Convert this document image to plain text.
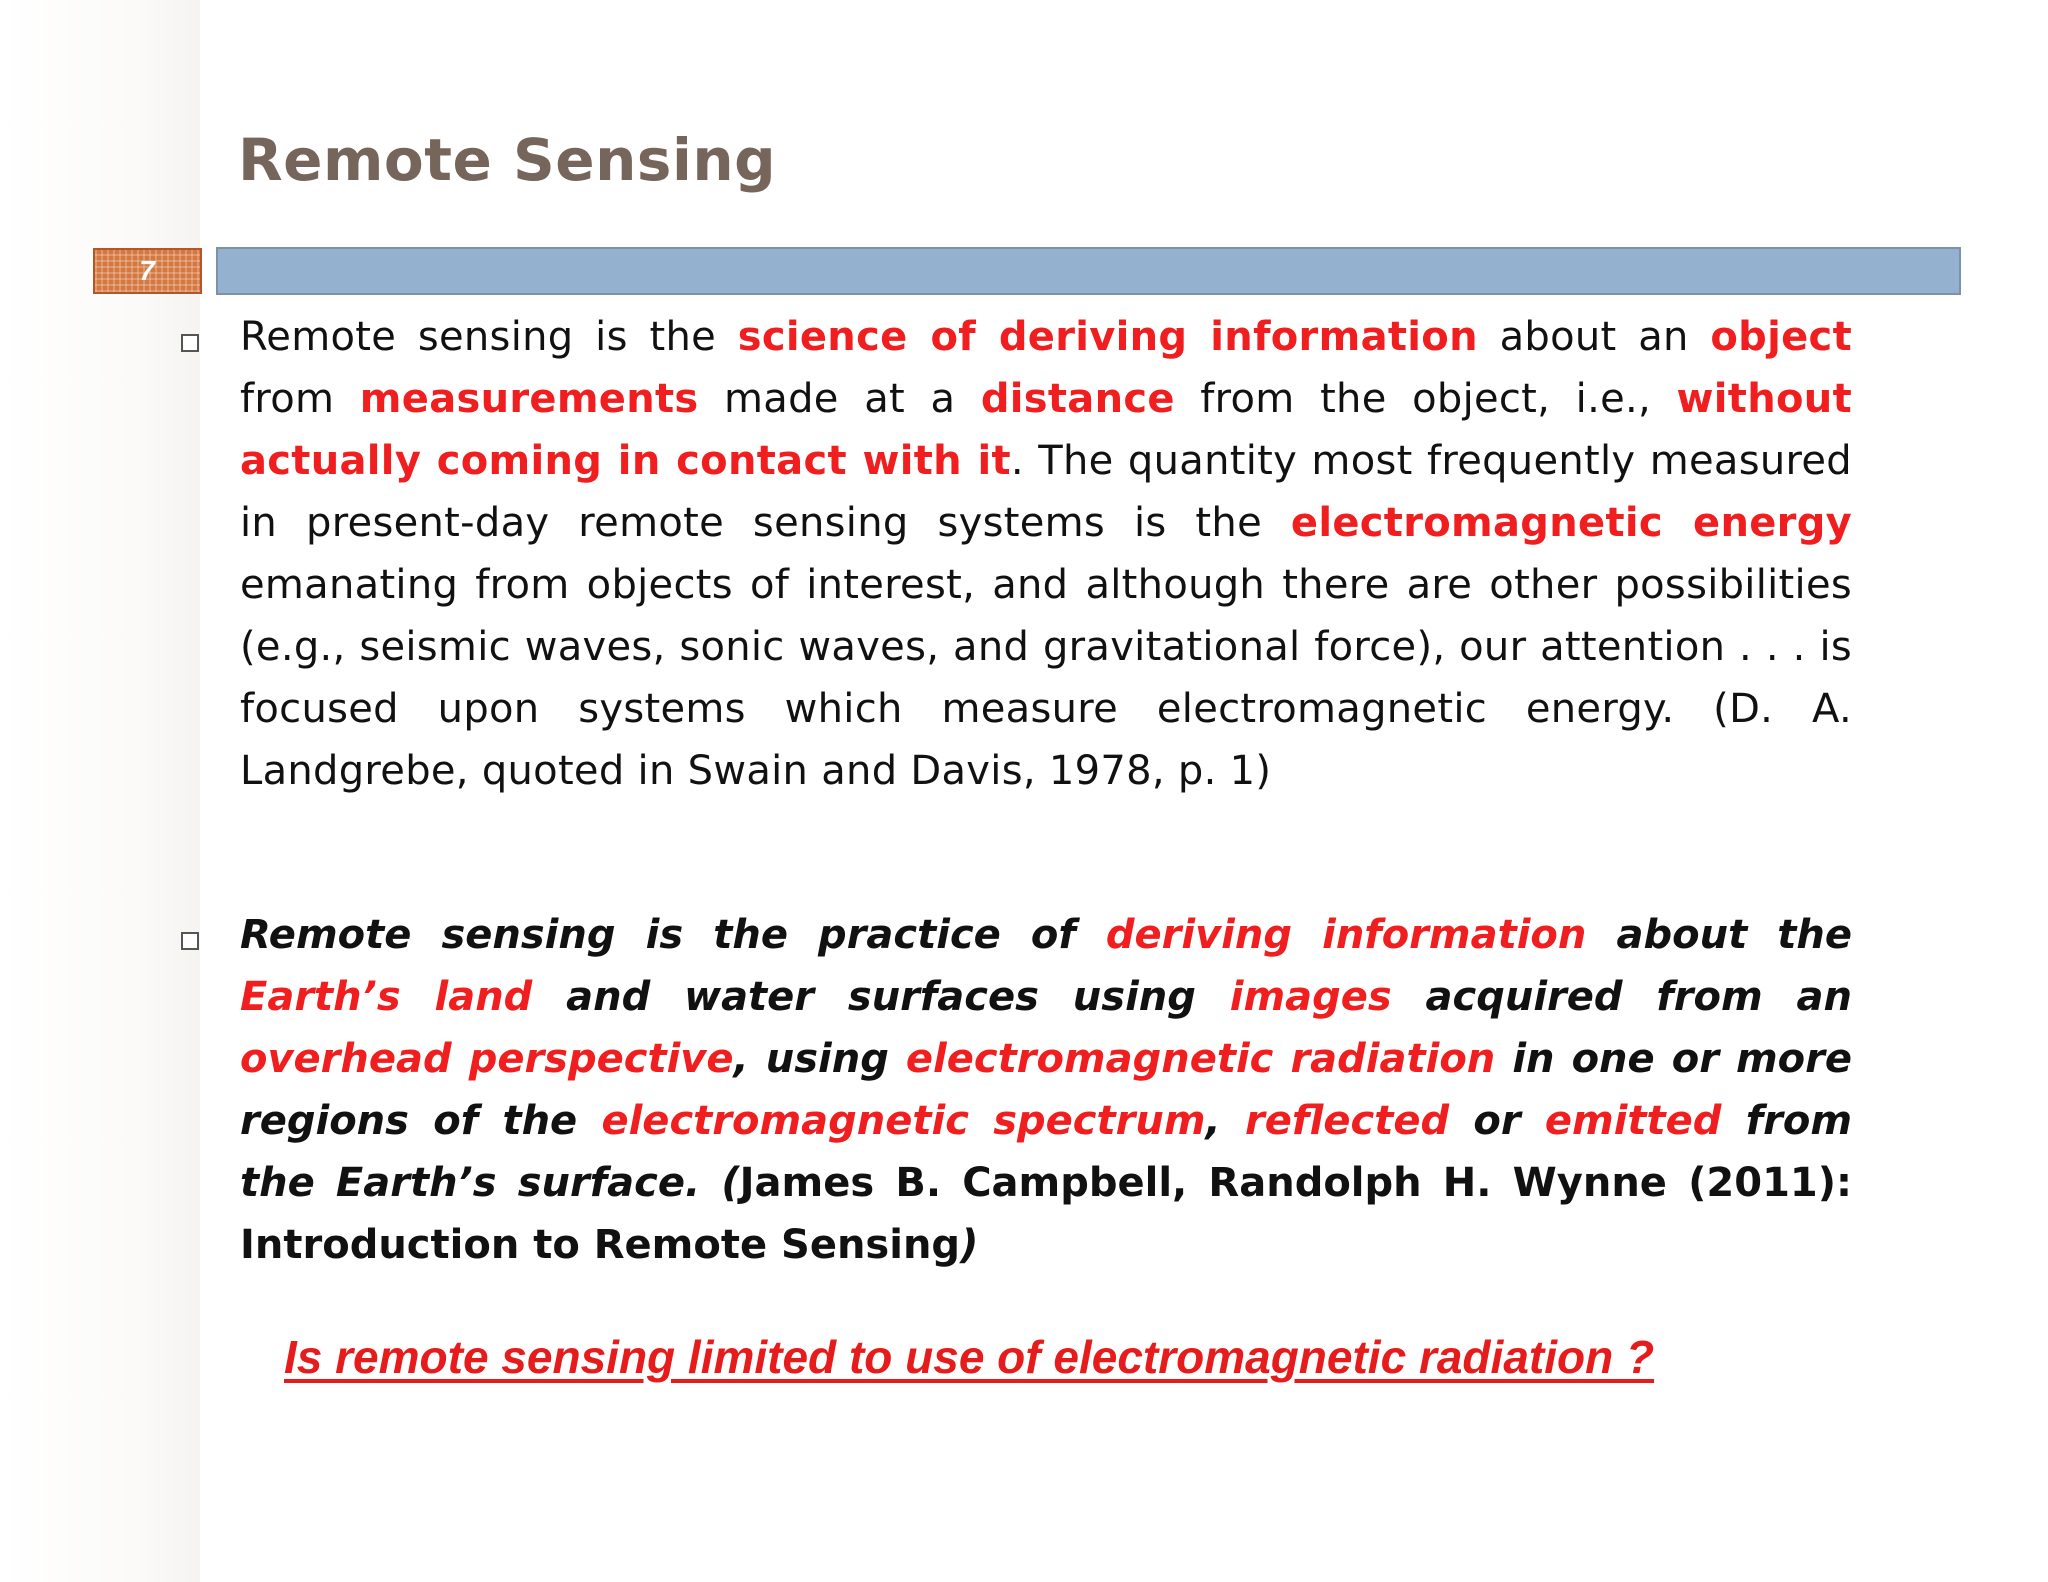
Remote Sensing
7
Remote sensing is the science of deriving information about an object from measurements made at a distance from the object, i.e., without actually coming in contact with it. The quantity most frequently measured in present-day remote sensing systems is the electromagnetic energy emanating from objects of interest, and although there are other possibilities (e.g., seismic waves, sonic waves, and gravitational force), our attention . . . is focused upon systems which measure electromagnetic energy. (D. A. Landgrebe, quoted in Swain and Davis, 1978, p. 1)
Remote sensing is the practice of deriving information about the Earth’s land and water surfaces using images acquired from an overhead perspective, using electromagnetic radiation in one or more regions of the electromagnetic spectrum, reflected or emitted from the Earth’s surface. (James B. Campbell, Randolph H. Wynne (2011): Introduction to Remote Sensing)
Is remote sensing limited to use of electromagnetic radiation ?
